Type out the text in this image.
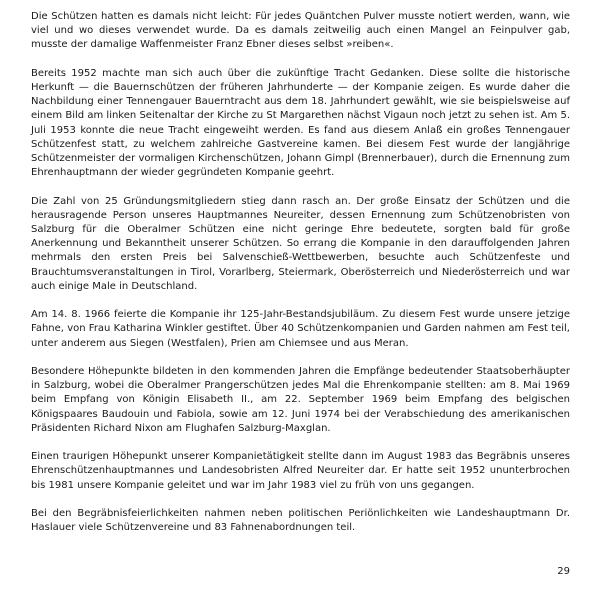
Die Schützen hatten es damals nicht leicht: Für jedes Quäntchen Pulver musste notiert werden, wann, wie viel und wo dieses verwendet wurde. Da es damals zeitweilig auch einen Mangel an Feinpulver gab, musste der damalige Waffenmeister Franz Ebner dieses selbst »reiben«.

Bereits 1952 machte man sich auch über die zukünftige Tracht Gedanken. Diese sollte die historische Herkunft — die Bauernschützen der früheren Jahrhunderte — der Kompanie zeigen. Es wurde daher die Nachbildung einer Tennengauer Bauerntracht aus dem 18. Jahrhundert gewählt, wie sie beispielsweise auf einem Bild am linken Seitenaltar der Kirche zu St Margarethen nächst Vigaun noch jetzt zu sehen ist. Am 5. Juli 1953 konnte die neue Tracht eingeweiht werden. Es fand aus diesem Anlaß ein großes Tennengauer Schützenfest statt, zu welchem zahlreiche Gastvereine kamen. Bei diesem Fest wurde der langjährige Schützenmeister der vormaligen Kirchenschützen, Johann Gimpl (Brennerbauer), durch die Ernennung zum Ehrenhauptmann der wieder gegründeten Kompanie geehrt.

Die Zahl von 25 Gründungsmitgliedern stieg dann rasch an. Der große Einsatz der Schützen und die herausragende Person unseres Hauptmannes Neureiter, dessen Ernennung zum Schützenobristen von Salzburg für die Oberalmer Schützen eine nicht geringe Ehre bedeutete, sorgten bald für große Anerkennung und Bekanntheit unserer Schützen. So errang die Kompanie in den darauffolgenden Jahren mehrmals den ersten Preis bei Salvenschieß-Wettbewerben, besuchte auch Schützenfeste und Brauchtumsveranstaltungen in Tirol, Vorarlberg, Steiermark, Oberösterreich und Niederösterreich und war auch einige Male in Deutschland.

Am 14. 8. 1966 feierte die Kompanie ihr 125-Jahr-Bestandsjubiläum. Zu diesem Fest wurde unsere jetzige Fahne, von Frau Katharina Winkler gestiftet. Über 40 Schützenkompanien und Garden nahmen am Fest teil, unter anderem aus Siegen (Westfalen), Prien am Chiemsee und aus Meran.

Besondere Höhepunkte bildeten in den kommenden Jahren die Empfänge bedeutender Staatsoberhäupter in Salzburg, wobei die Oberalmer Prangerschützen jedes Mal die Ehrenkompanie stellten: am 8. Mai 1969 beim Empfang von Königin Elisabeth II., am 22. September 1969 beim Empfang des belgischen Königspaares Baudouin und Fabiola, sowie am 12. Juni 1974 bei der Verabschiedung des amerikanischen Präsidenten Richard Nixon am Flughafen Salzburg-Maxglan.

Einen traurigen Höhepunkt unserer Kompanietätigkeit stellte dann im August 1983 das Begräbnis unseres Ehrenschützenhauptmannes und Landesobristen Alfred Neureiter dar. Er hatte seit 1952 ununterbrochen bis 1981 unsere Kompanie geleitet und war im Jahr 1983 viel zu früh von uns gegangen.

Bei den Begräbnisfeierlichkeiten nahmen neben politischen Periönlichkeiten wie Landeshauptmann Dr. Haslauer viele Schützenvereine und 83 Fahnenabordnungen teil.

29
